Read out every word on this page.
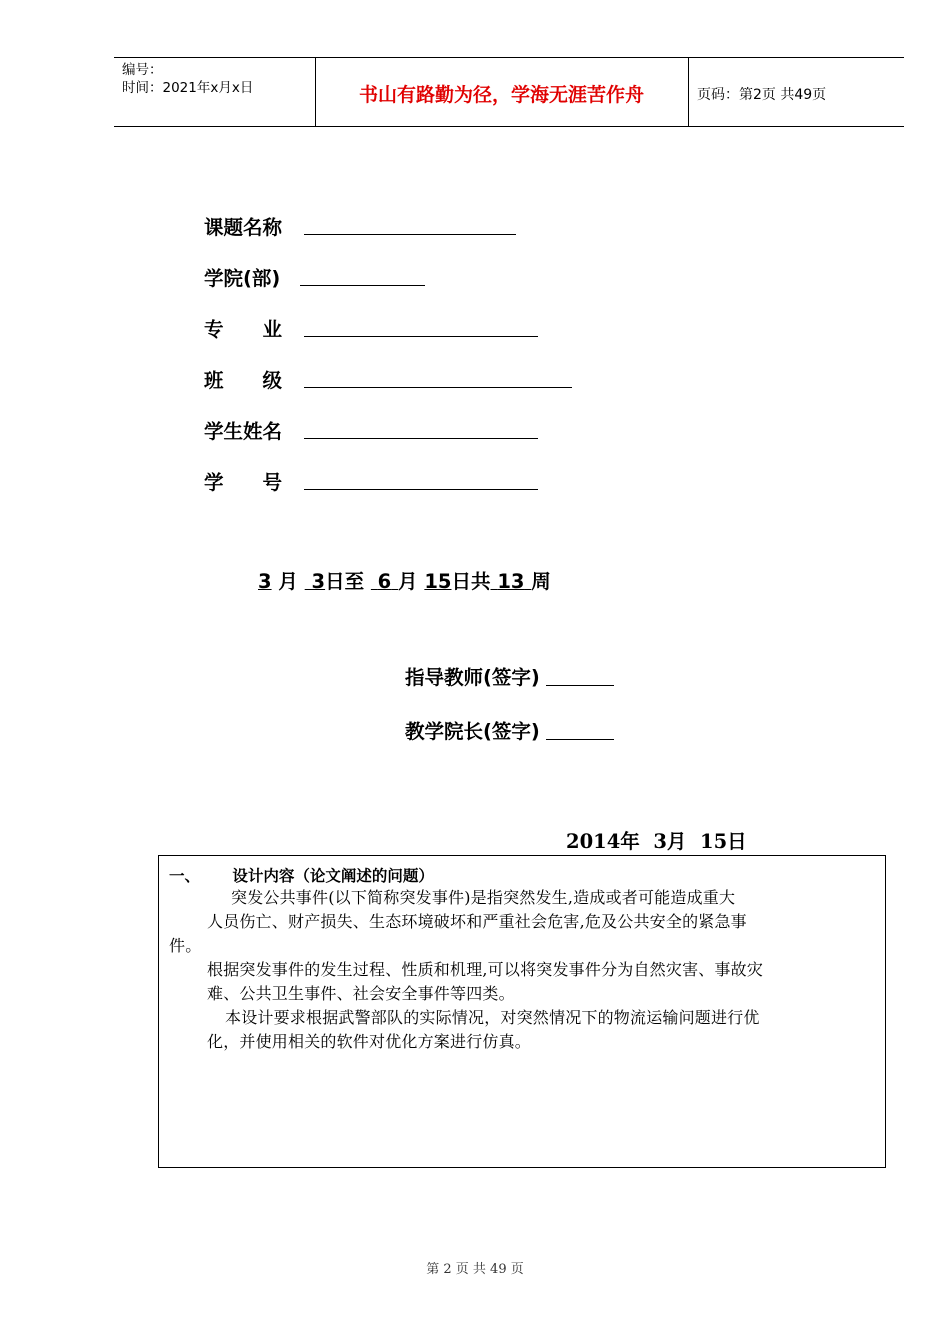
编号：
时间：2021年x月x日	书山有路勤为径，学海无涯苦作舟	页码：第2页 共49页
课题名称
学院(部)
专　　业
班　　级
学生姓名
学　　号
3 月 3日至 6 月 15日共 13 周
指导教师(签字)
教学院长(签字)
2014年  3月  15日
一、 设计内容（论文阐述的问题）
突发公共事件(以下简称突发事件)是指突然发生,造成或者可能造成重大
人员伤亡、财产损失、生态环境破坏和严重社会危害,危及公共安全的紧急事
件。
根据突发事件的发生过程、性质和机理,可以将突发事件分为自然灾害、事故灾
难、公共卫生事件、社会安全事件等四类。
本设计要求根据武警部队的实际情况，对突然情况下的物流运输问题进行优
化，并使用相关的软件对优化方案进行仿真。
第 2 页 共 49 页
